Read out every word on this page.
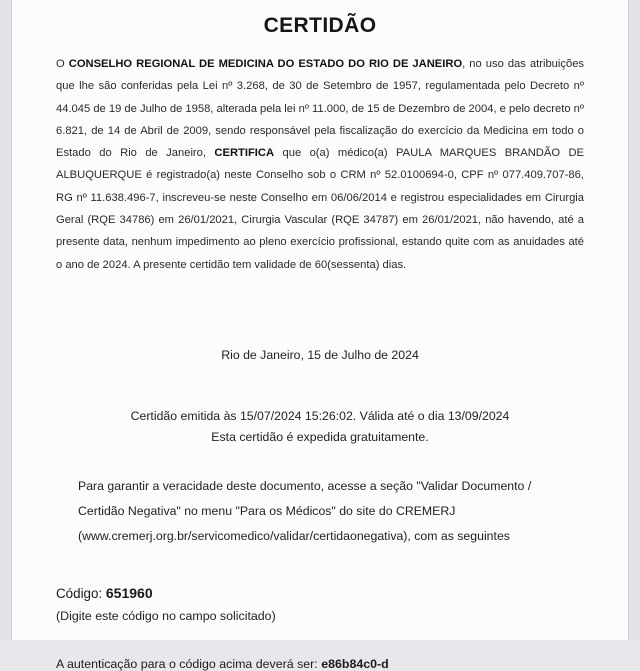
CERTIDÃO
O CONSELHO REGIONAL DE MEDICINA DO ESTADO DO RIO DE JANEIRO, no uso das atribuições que lhe são conferidas pela Lei nº 3.268, de 30 de Setembro de 1957, regulamentada pelo Decreto nº 44.045 de 19 de Julho de 1958, alterada pela lei nº 11.000, de 15 de Dezembro de 2004, e pelo decreto nº 6.821, de 14 de Abril de 2009, sendo responsável pela fiscalização do exercício da Medicina em todo o Estado do Rio de Janeiro, CERTIFICA que o(a) médico(a) PAULA MARQUES BRANDÃO DE ALBUQUERQUE é registrado(a) neste Conselho sob o CRM nº 52.0100694-0, CPF nº 077.409.707-86, RG nº 11.638.496-7, inscreveu-se neste Conselho em 06/06/2014 e registrou especialidades em Cirurgia Geral (RQE 34786) em 26/01/2021, Cirurgia Vascular (RQE 34787) em 26/01/2021, não havendo, até a presente data, nenhum impedimento ao pleno exercício profissional, estando quite com as anuidades até o ano de 2024. A presente certidão tem validade de 60(sessenta) dias.
Rio de Janeiro, 15 de Julho de 2024
Certidão emitida às 15/07/2024 15:26:02. Válida até o dia 13/09/2024
Esta certidão é expedida gratuitamente.
Para garantir a veracidade deste documento, acesse a seção "Validar Documento /
Certidão Negativa" no menu "Para os Médicos" do site do CREMERJ
(www.cremerj.org.br/servicomedico/validar/certidaonegativa), com as seguintes
Código: 651960
(Digite este código no campo solicitado)
A autenticação para o código acima deverá ser: e86b84c0-d
